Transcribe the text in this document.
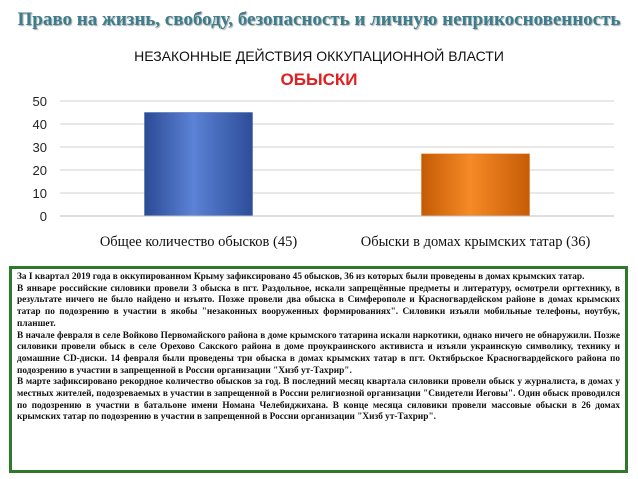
Право на жизнь, свободу, безопасность и личную неприкосновенность
НЕЗАКОННЫЕ ДЕЙСТВИЯ ОККУПАЦИОННОЙ ВЛАСТИ
ОБЫСКИ
0
10
20
30
40
50
Общее количество обысков (45)	Обыски в домах крымских татар (36)

За I квартал 2019 года в оккупированном Крыму зафиксировано 45 обысков, 36 из которых были проведены в домах крымских татар.

В январе российские силовики провели 3 обыска в пгт. Раздольное, искали запрещённые предметы и литературу, осмотрели оргтехнику, в результате ничего не было найдено и изъято. Позже провели два обыска в Симферополе и Красногвардейском районе в домах крымских татар по подозрению в участии в якобы "незаконных вооруженных формированиях". Силовики изъяли мобильные телефоны, ноутбук, планшет.

В начале февраля в селе Войково Первомайского района в доме крымского татарина искали наркотики, однако ничего не обнаружили. Позже силовики провели обыск в селе Орехово Сакского района в доме проукраинского активиста и изъяли украинскую символику, технику и домашние CD-диски. 14 февраля были проведены три обыска в домах крымских татар в пгт. Октябрьское Красногвардейского района по подозрению в участии в запрещенной в России организации "Хизб ут-Тахрир".

В марте зафиксировано рекордное количество обысков за год. В последний месяц квартала силовики провели обыск у журналиста, в домах у местных жителей, подозреваемых в участии в запрещенной в России религиозной организации "Свидетели Иеговы". Один обыск проводился по подозрению в участии в батальоне имени Номана Челебиджихана. В конце месяца силовики провели массовые обыски в 26 домах крымских татар по подозрению в участии в запрещенной в России организации "Хизб ут-Тахрир".
